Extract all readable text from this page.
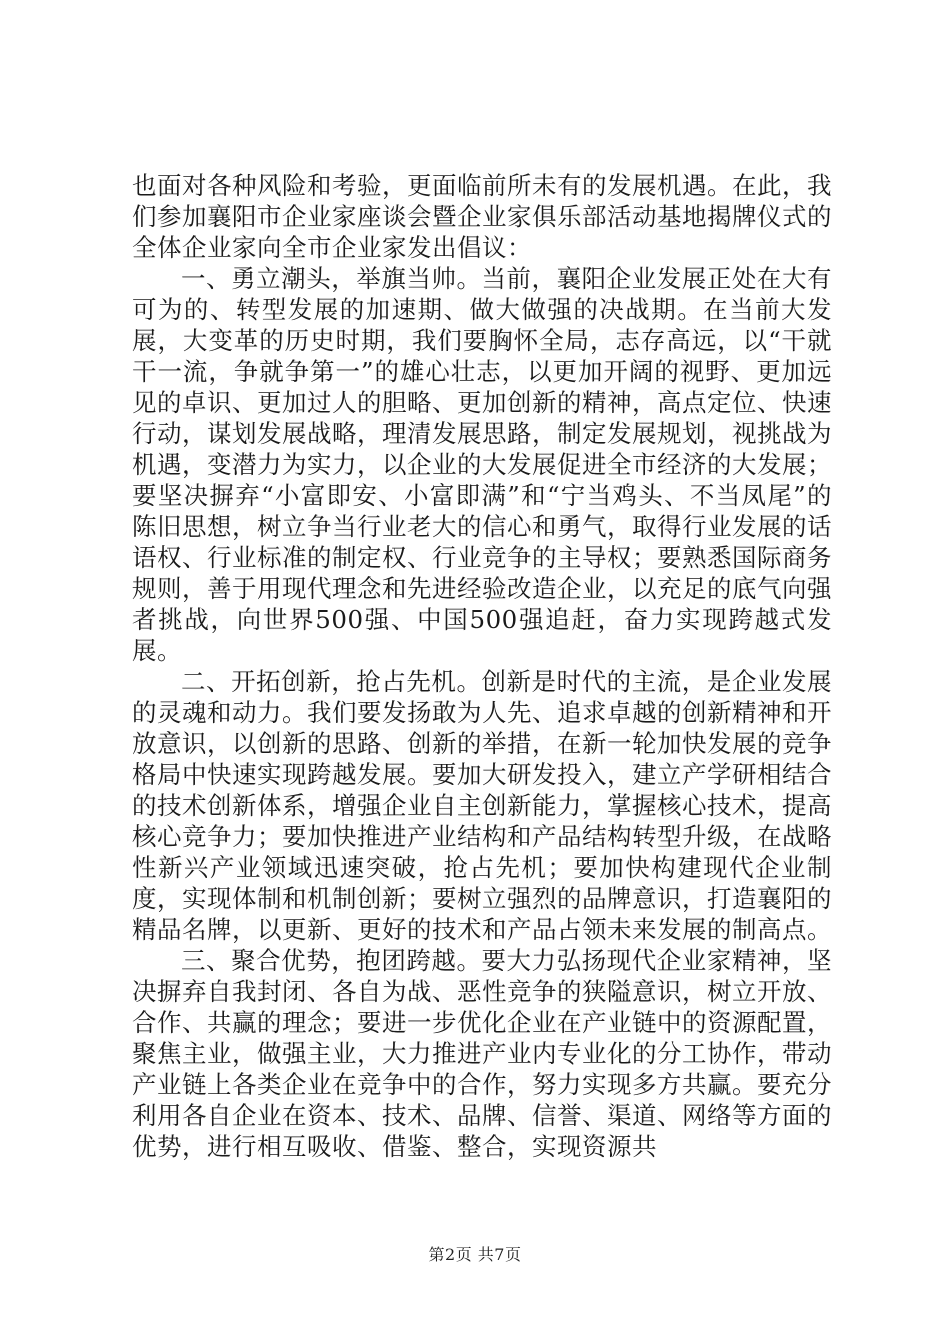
也面对各种风险和考验，更面临前所未有的发展机遇。在此，我们参加襄阳市企业家座谈会暨企业家俱乐部活动基地揭牌仪式的全体企业家向全市企业家发出倡议：

一、勇立潮头，举旗当帅。当前，襄阳企业发展正处在大有可为的、转型发展的加速期、做大做强的决战期。在当前大发展，大变革的历史时期，我们要胸怀全局，志存高远，以“干就干一流，争就争第一”的雄心壮志，以更加开阔的视野、更加远见的卓识、更加过人的胆略、更加创新的精神，高点定位、快速行动，谋划发展战略，理清发展思路，制定发展规划，视挑战为机遇，变潜力为实力，以企业的大发展促进全市经济的大发展；要坚决摒弃“小富即安、小富即满”和“宁当鸡头、不当凤尾”的陈旧思想，树立争当行业老大的信心和勇气，取得行业发展的话语权、行业标准的制定权、行业竞争的主导权；要熟悉国际商务规则，善于用现代理念和先进经验改造企业，以充足的底气向强者挑战，向世界500强、中国500强追赶，奋力实现跨越式发展。

二、开拓创新，抢占先机。创新是时代的主流，是企业发展的灵魂和动力。我们要发扬敢为人先、追求卓越的创新精神和开放意识，以创新的思路、创新的举措，在新一轮加快发展的竞争格局中快速实现跨越发展。要加大研发投入，建立产学研相结合的技术创新体系，增强企业自主创新能力，掌握核心技术，提高核心竞争力；要加快推进产业结构和产品结构转型升级，在战略性新兴产业领域迅速突破，抢占先机；要加快构建现代企业制度，实现体制和机制创新；要树立强烈的品牌意识，打造襄阳的精品名牌，以更新、更好的技术和产品占领未来发展的制高点。

三、聚合优势，抱团跨越。要大力弘扬现代企业家精神，坚决摒弃自我封闭、各自为战、恶性竞争的狭隘意识，树立开放、合作、共赢的理念；要进一步优化企业在产业链中的资源配置，聚焦主业，做强主业，大力推进产业内专业化的分工协作，带动产业链上各类企业在竞争中的合作，努力实现多方共赢。要充分利用各自企业在资本、技术、品牌、信誉、渠道、网络等方面的优势，进行相互吸收、借鉴、整合，实现资源共

第2页 共7页
